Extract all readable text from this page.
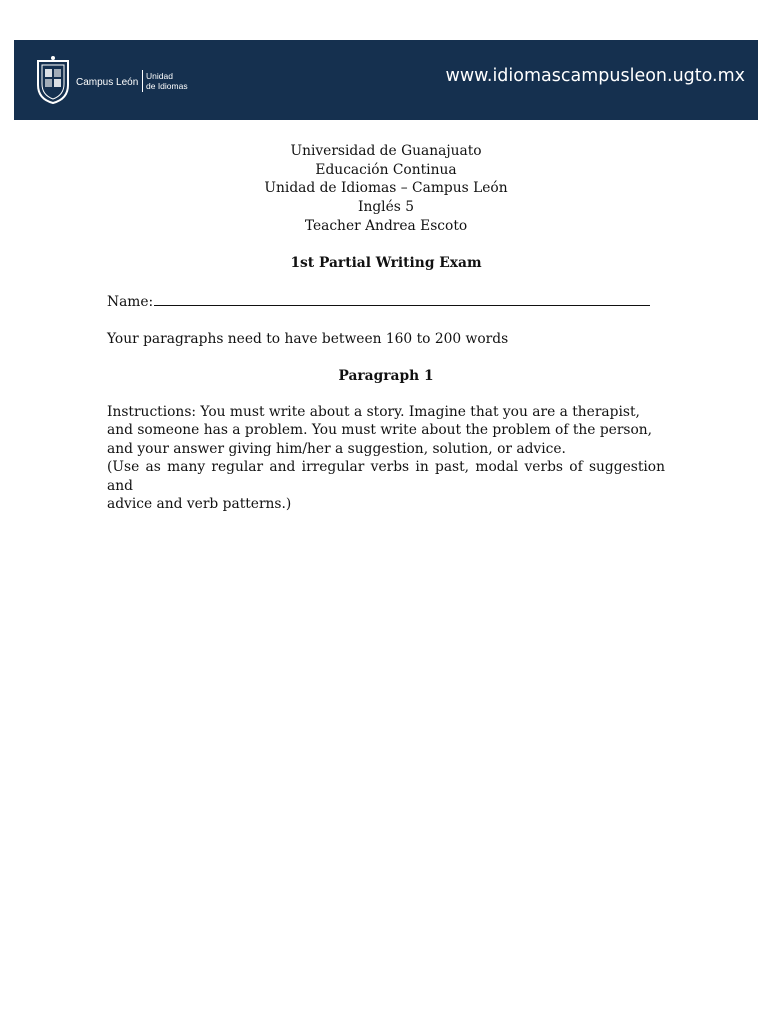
Campus León
Unidad
de Idiomas	www.idiomascampusleon.ugto.mx
Universidad de Guanajuato
Educación Continua
Unidad de Idiomas – Campus León
Inglés 5
Teacher Andrea Escoto
1st Partial Writing Exam
Name:
Your paragraphs need to have between 160 to 200 words
Paragraph 1
Instructions: You must write about a story. Imagine that you are a therapist,
and someone has a problem. You must write about the problem of the person,
and your answer giving him/her a suggestion, solution, or advice.
(Use as many regular and irregular verbs in past, modal verbs of suggestion and
advice and verb patterns.)
